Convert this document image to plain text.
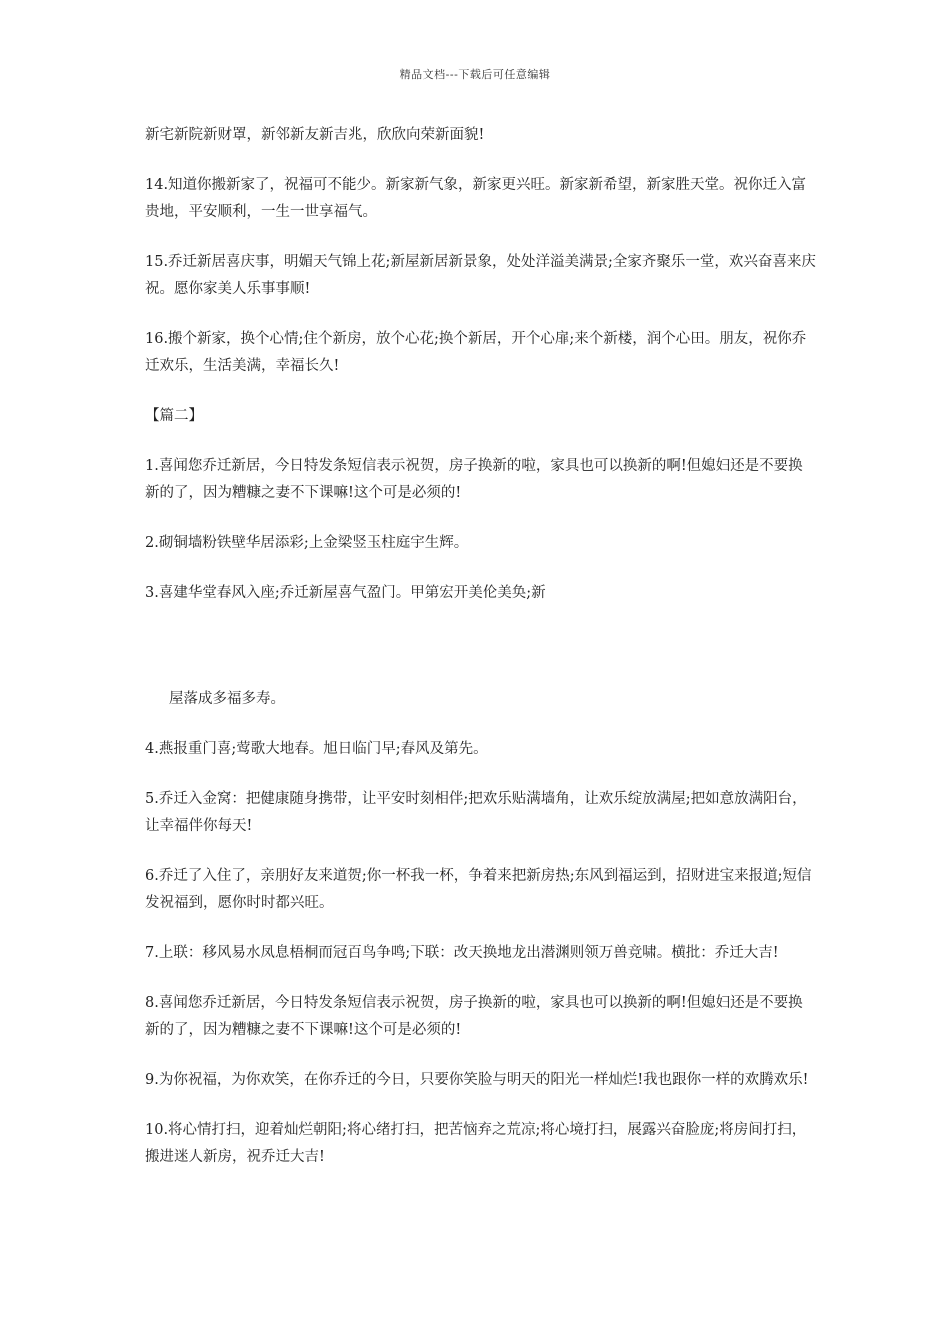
精品文档---下载后可任意编辑

新宅新院新财罩，新邻新友新吉兆，欣欣向荣新面貌!

14.知道你搬新家了，祝福可不能少。新家新气象，新家更兴旺。新家新希望，新家胜天堂。祝你迁入富贵地，平安顺利，一生一世享福气。

15.乔迁新居喜庆事，明媚天气锦上花;新屋新居新景象，处处洋溢美满景;全家齐聚乐一堂，欢兴奋喜来庆祝。愿你家美人乐事事顺!

16.搬个新家，换个心情;住个新房，放个心花;换个新居，开个心扉;来个新楼，润个心田。朋友，祝你乔迁欢乐，生活美满，幸福长久!

【篇二】

1.喜闻您乔迁新居，今日特发条短信表示祝贺，房子换新的啦，家具也可以换新的啊!但媳妇还是不要换新的了，因为糟糠之妻不下课嘛!这个可是必须的!

2.砌铜墙粉铁壁华居添彩;上金梁竖玉柱庭宇生辉。

3.喜建华堂春风入座;乔迁新屋喜气盈门。甲第宏开美伦美奂;新

屋落成多福多寿。

4.燕报重门喜;莺歌大地春。旭日临门早;春风及第先。

5.乔迁入金窝：把健康随身携带，让平安时刻相伴;把欢乐贴满墙角，让欢乐绽放满屋;把如意放满阳台，让幸福伴你每天!

6.乔迁了入住了，亲朋好友来道贺;你一杯我一杯，争着来把新房热;东风到福运到，招财进宝来报道;短信发祝福到，愿你时时都兴旺。

7.上联：移风易水凤息梧桐而冠百鸟争鸣;下联：改天换地龙出潜渊则领万兽竞啸。横批：乔迁大吉!

8.喜闻您乔迁新居，今日特发条短信表示祝贺，房子换新的啦，家具也可以换新的啊!但媳妇还是不要换新的了，因为糟糠之妻不下课嘛!这个可是必须的!

9.为你祝福，为你欢笑，在你乔迁的今日，只要你笑脸与明天的阳光一样灿烂!我也跟你一样的欢腾欢乐!

10.将心情打扫，迎着灿烂朝阳;将心绪打扫，把苦恼弃之荒凉;将心境打扫，展露兴奋脸庞;将房间打扫，搬进迷人新房，祝乔迁大吉!
